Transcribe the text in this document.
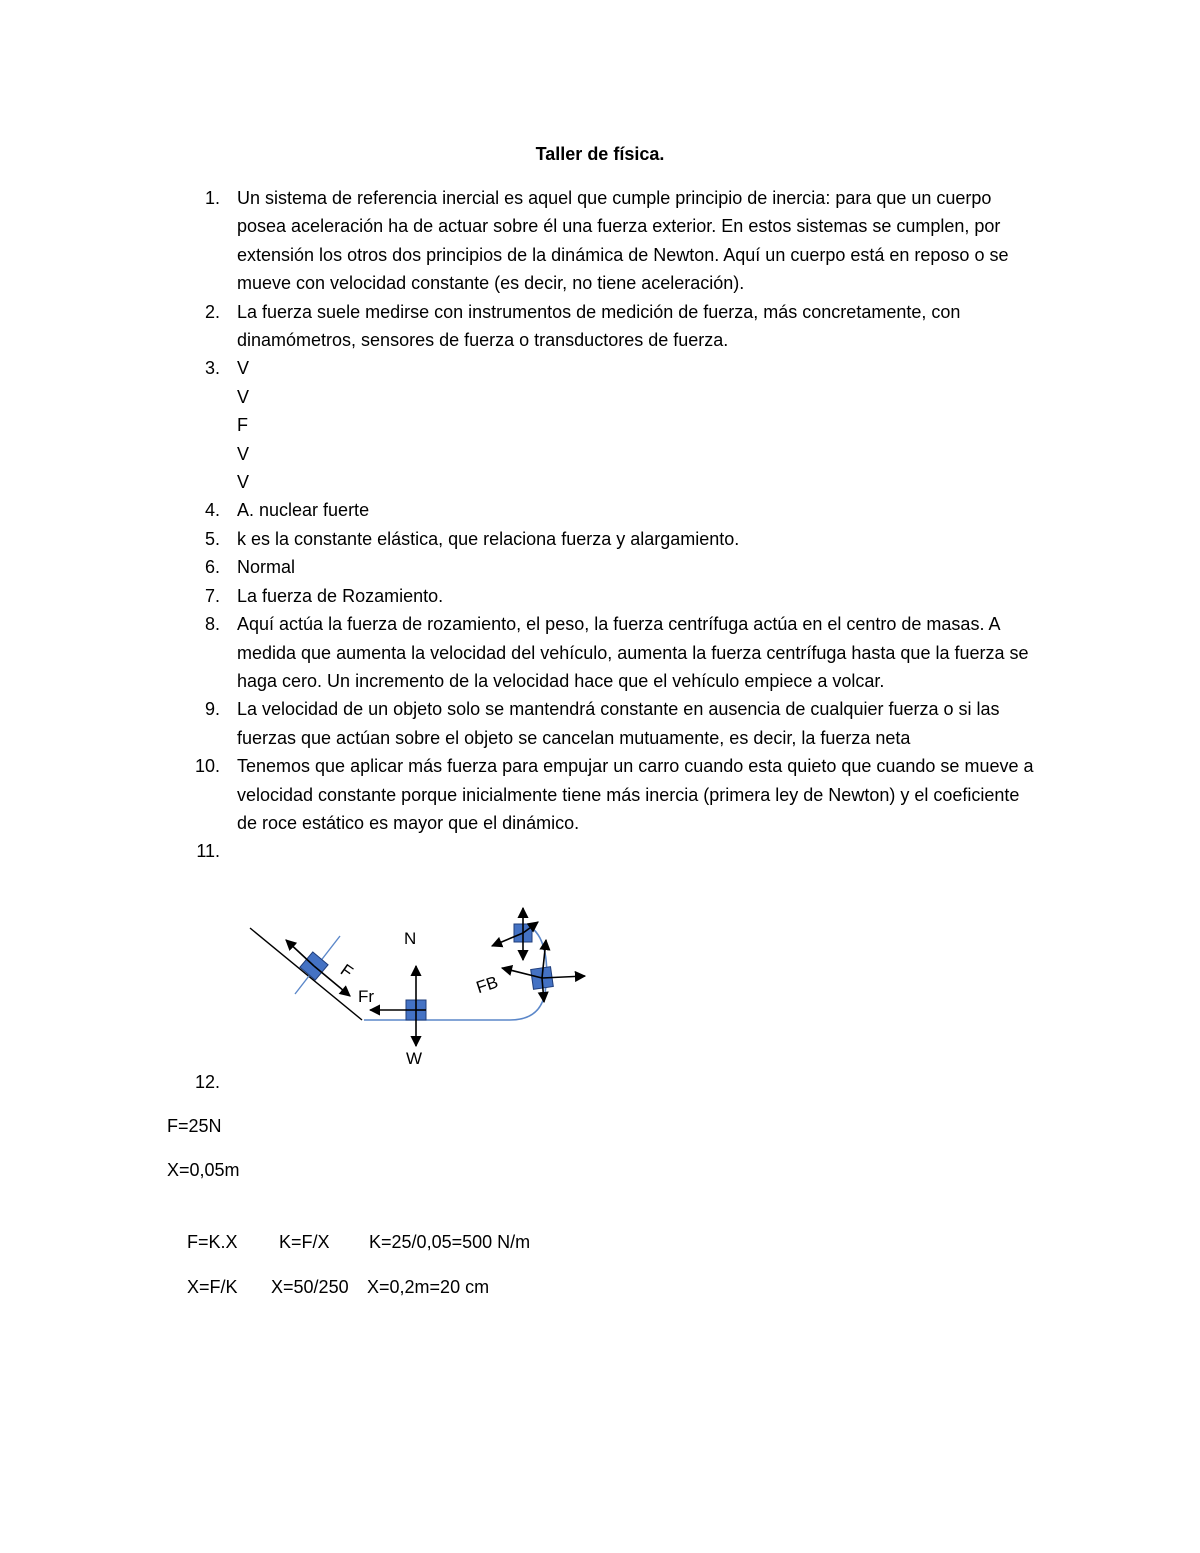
Taller de física.
1. Un sistema de referencia inercial es aquel que cumple principio de inercia: para que un cuerpo posea aceleración ha de actuar sobre él una fuerza exterior. En estos sistemas se cumplen, por extensión los otros dos principios de la dinámica de Newton. Aquí un cuerpo está en reposo o se mueve con velocidad constante (es decir, no tiene aceleración).
2. La fuerza suele medirse con instrumentos de medición de fuerza, más concretamente, con dinamómetros, sensores de fuerza o transductores de fuerza.
3. V
V
F
V
V
4. A. nuclear fuerte
5. k es la constante elástica, que relaciona fuerza y alargamiento.
6. Normal
7. La fuerza de Rozamiento.
8. Aquí actúa la fuerza de rozamiento, el peso, la fuerza centrífuga actúa en el centro de masas. A medida que aumenta la velocidad del vehículo, aumenta la fuerza centrífuga hasta que la fuerza se haga cero. Un incremento de la velocidad hace que el vehículo empiece a volcar.
9. La velocidad de un objeto solo se mantendrá constante en ausencia de cualquier fuerza o si las fuerzas que actúan sobre el objeto se cancelan mutuamente, es decir, la fuerza neta
10. Tenemos que aplicar más fuerza para empujar un carro cuando esta quieto que cuando se mueve a velocidad constante porque inicialmente tiene más inercia (primera ley de Newton) y el coeficiente de roce estático es mayor que el dinámico.
11.

F
N
Fr
W
FB
12.

F=25N
X=0,05m

F=K.X K=F/X K=25/0,05=500 N/m

X=F/K X=50/250 X=0,2m=20 cm
